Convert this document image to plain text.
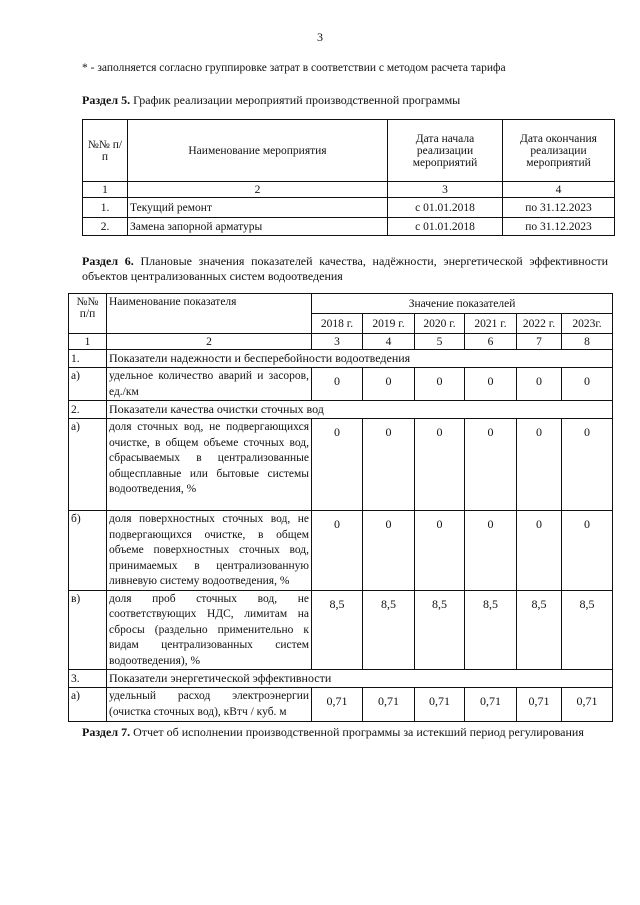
3
* - заполняется согласно группировке затрат в соответствии с методом расчета тарифа
Раздел 5. График реализации мероприятий производственной программы
№№ п/п	Наименование мероприятия	Дата начала реализации мероприятий	Дата окончания реализации мероприятий
1	2	3	4
1.	Текущий ремонт	с 01.01.2018	по 31.12.2023
2.	Замена запорной арматуры	с 01.01.2018	по 31.12.2023
Раздел 6. Плановые значения показателей качества, надёжности, энергетической эффективности объектов централизованных систем водоотведения
№№ п/п	Наименование показателя	Значение показателей					
		2018 г.	2019 г.	2020 г.	2021 г.	2022 г.	2023г.
1	2	3	4	5	6	7	8
1.	Показатели надежности и бесперебойности водоотведения						
а)	удельное количество аварий и засоров, ед./км	0	0	0	0	0	0
2.	Показатели качества очистки сточных вод						
а)	доля сточных вод, не подвергающихся очистке, в общем объеме сточных вод, сбрасываемых в централизованные общесплавные или бытовые системы водоотведения, %	0	0	0	0	0	0
б)	доля поверхностных сточных вод, не подвергающихся очистке, в общем объеме поверхностных сточных вод, принимаемых в централизованную ливневую систему водоотведения, %	0	0	0	0	0	0
в)	доля проб сточных вод, не соответствующих НДС, лимитам на сбросы (раздельно применительно к видам централизованных систем водоотведения), %	8,5	8,5	8,5	8,5	8,5	8,5
3.	Показатели энергетической эффективности						
а)	удельный расход электроэнергии (очистка сточных вод), кВтч / куб. м	0,71	0,71	0,71	0,71	0,71	0,71
Раздел 7. Отчет об исполнении производственной программы за истекший период регулирования
